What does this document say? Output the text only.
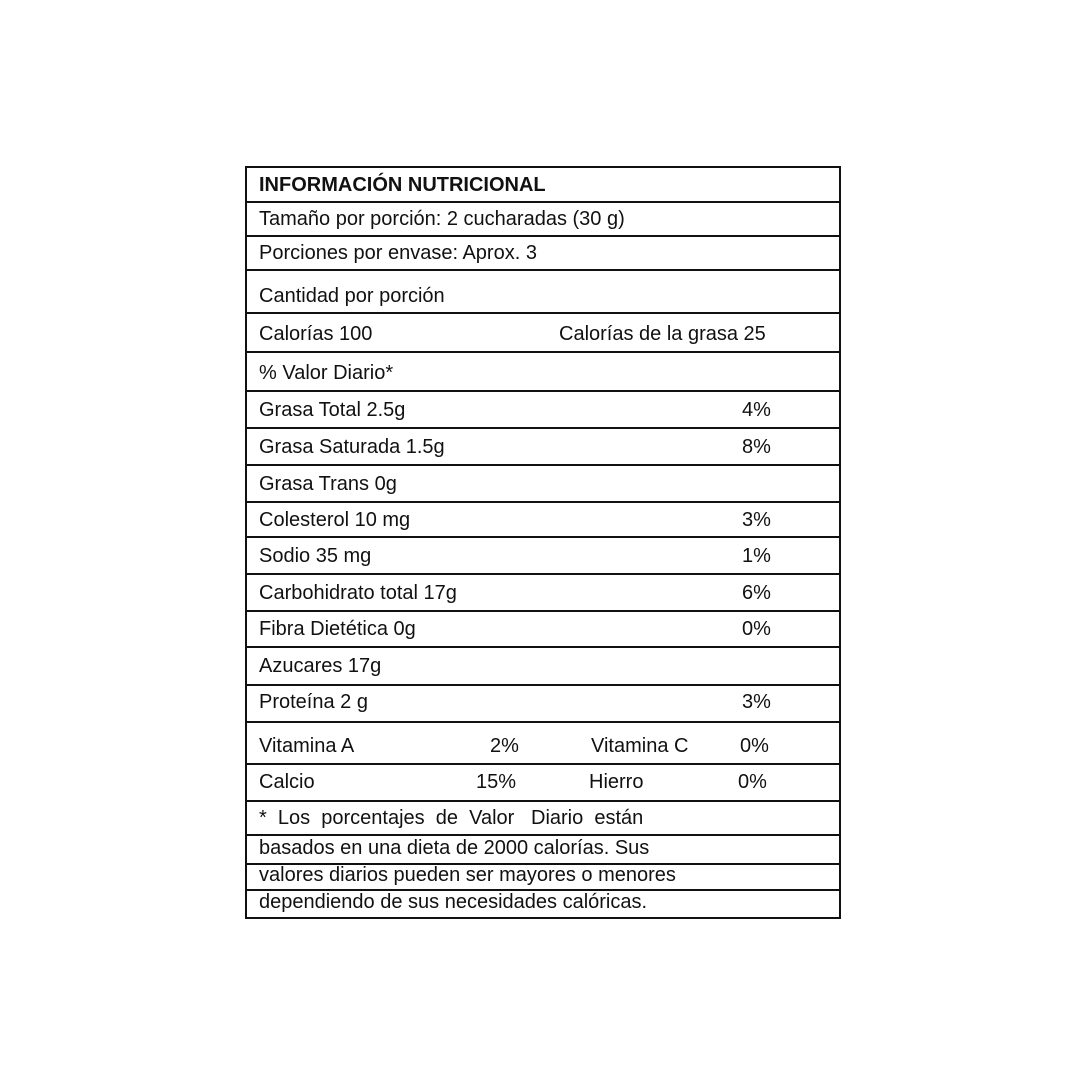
INFORMACIÓN NUTRICIONAL
Tamaño por porción: 2 cucharadas (30 g)
Porciones por envase: Aprox. 3
Cantidad por porción
Calorías 100	Calorías de la grasa 25
% Valor Diario*
Grasa Total 2.5g	4%
Grasa Saturada 1.5g	8%
Grasa Trans 0g
Colesterol 10 mg	3%
Sodio 35 mg	1%
Carbohidrato total 17g	6%
Fibra Dietética 0g	0%
Azucares 17g
Proteína 2 g	3%
Vitamina A	2%	Vitamina C	0%
Calcio	15%	Hierro	0%
*  Los  porcentajes  de  Valor   Diario  están
basados en una dieta de 2000 calorías. Sus
valores diarios pueden ser mayores o menores
dependiendo de sus necesidades calóricas.
